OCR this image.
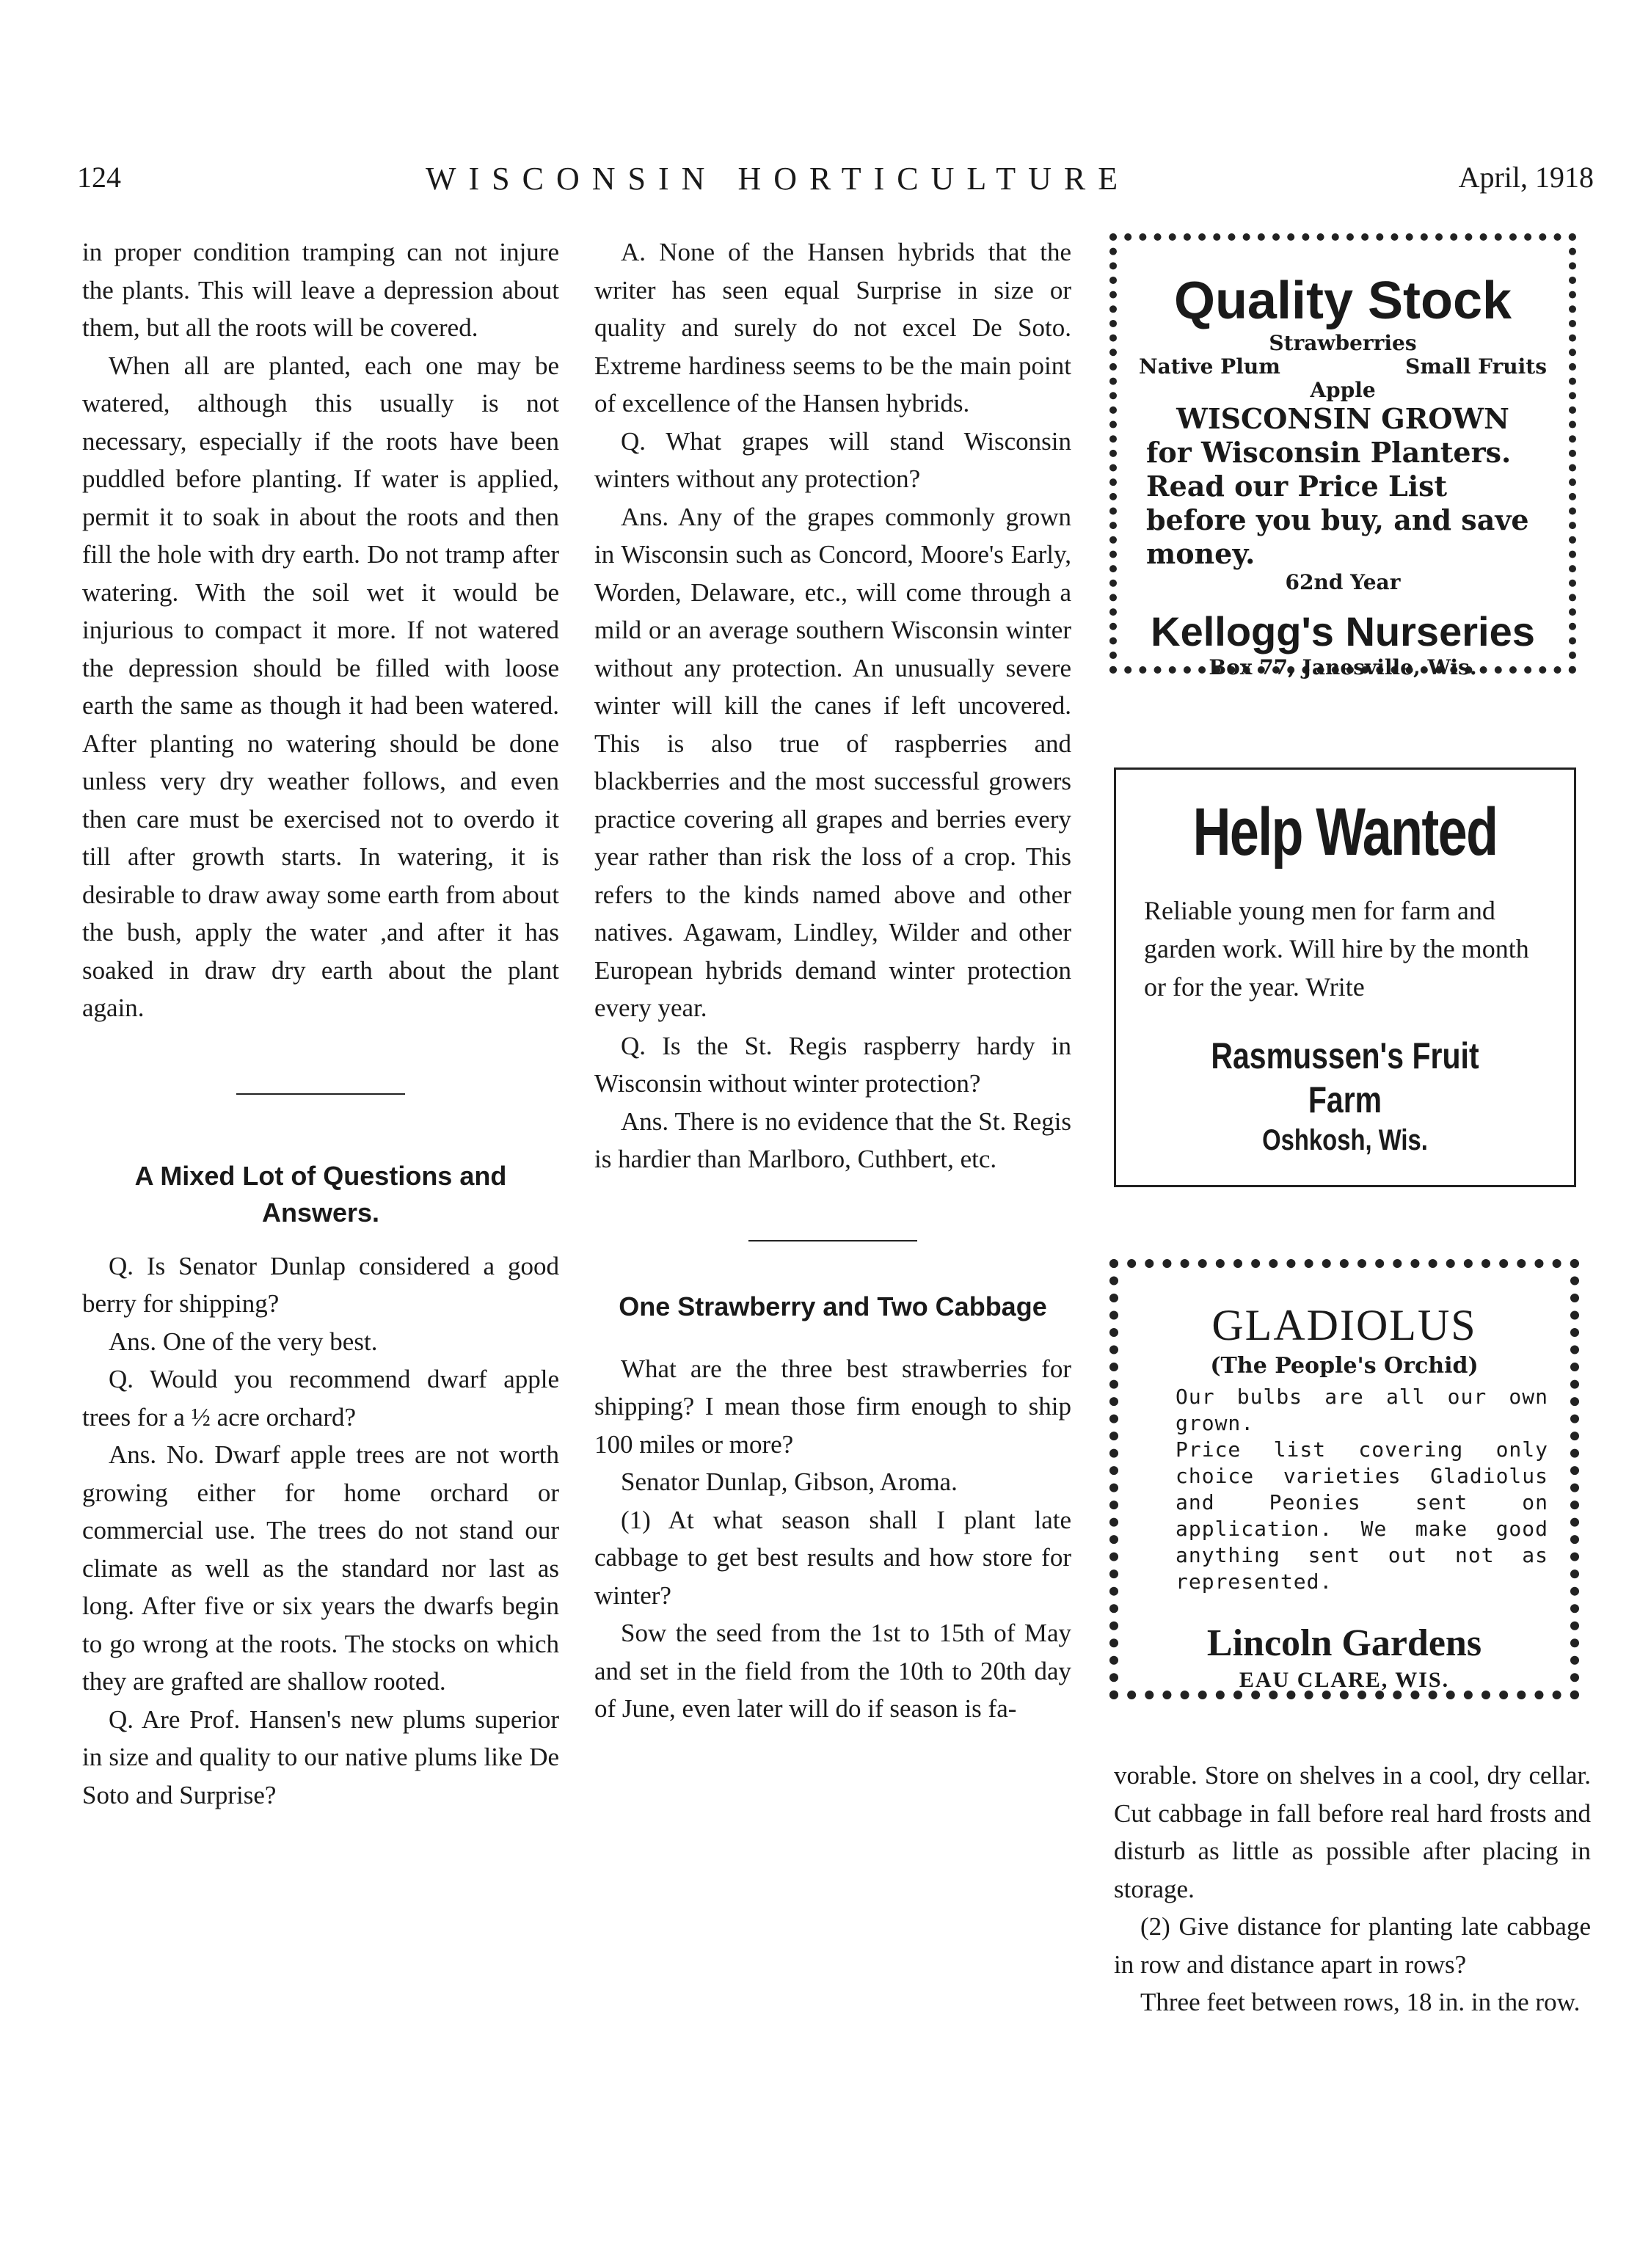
124	WISCONSIN HORTICULTURE	April, 1918

in proper condition tramping can not injure the plants. This will leave a depression about them, but all the roots will be covered.

When all are planted, each one may be watered, although this usually is not necessary, especially if the roots have been puddled before planting. If water is applied, permit it to soak in about the roots and then fill the hole with dry earth. Do not tramp after watering. With the soil wet it would be injurious to compact it more. If not watered the depression should be filled with loose earth the same as though it had been watered. After planting no watering should be done unless very dry weather follows, and even then care must be exercised not to overdo it till after growth starts. In watering, it is desirable to draw away some earth from about the bush, apply the water ,and after it has soaked in draw dry earth about the plant again.

A Mixed Lot of Questions and Answers.

Q. Is Senator Dunlap considered a good berry for shipping?

Ans. One of the very best.

Q. Would you recommend dwarf apple trees for a ½ acre orchard?

Ans. No. Dwarf apple trees are not worth growing either for home orchard or commercial use. The trees do not stand our climate as well as the standard nor last as long. After five or six years the dwarfs begin to go wrong at the roots. The stocks on which they are grafted are shallow rooted.

Q. Are Prof. Hansen's new plums superior in size and quality to our native plums like De Soto and Surprise?

A. None of the Hansen hybrids that the writer has seen equal Surprise in size or quality and surely do not excel De Soto. Extreme hardiness seems to be the main point of excellence of the Hansen hybrids.

Q. What grapes will stand Wisconsin winters without any protection?

Ans. Any of the grapes commonly grown in Wisconsin such as Concord, Moore's Early, Worden, Delaware, etc., will come through a mild or an average southern Wisconsin winter without any protection. An unusually severe winter will kill the canes if left uncovered. This is also true of raspberries and blackberries and the most successful growers practice covering all grapes and berries every year rather than risk the loss of a crop. This refers to the kinds named above and other natives. Agawam, Lindley, Wilder and other European hybrids demand winter protection every year.

Q. Is the St. Regis raspberry hardy in Wisconsin without winter protection?

Ans. There is no evidence that the St. Regis is hardier than Marlboro, Cuthbert, etc.

One Strawberry and Two Cabbage

What are the three best strawberries for shipping? I mean those firm enough to ship 100 miles or more?

Senator Dunlap, Gibson, Aroma.

(1) At what season shall I plant late cabbage to get best results and how store for winter?

Sow the seed from the 1st to 15th of May and set in the field from the 10th to 20th day of June, even later will do if season is fa-

Quality Stock
Strawberries
Native Plum	Small Fruits
Apple
WISCONSIN GROWN
for Wisconsin Planters. Read our Price List before you buy, and save money.
62nd Year
Kellogg's Nurseries
Box 77, Janesville, Wis.
Help Wanted
Reliable young men for farm and garden work. Will hire by the month or for the year. Write
Rasmussen's Fruit Farm
Oshkosh, Wis.
GLADIOLUS
(The People's Orchid)
Our bulbs are all our own grown.
Price list covering only choice varieties Gladiolus and Peonies sent on application. We make good anything sent out not as represented.
Lincoln Gardens
EAU CLARE, WIS.

vorable. Store on shelves in a cool, dry cellar. Cut cabbage in fall before real hard frosts and disturb as little as possible after placing in storage.

(2) Give distance for planting late cabbage in row and distance apart in rows?

Three feet between rows, 18 in. in the row.
